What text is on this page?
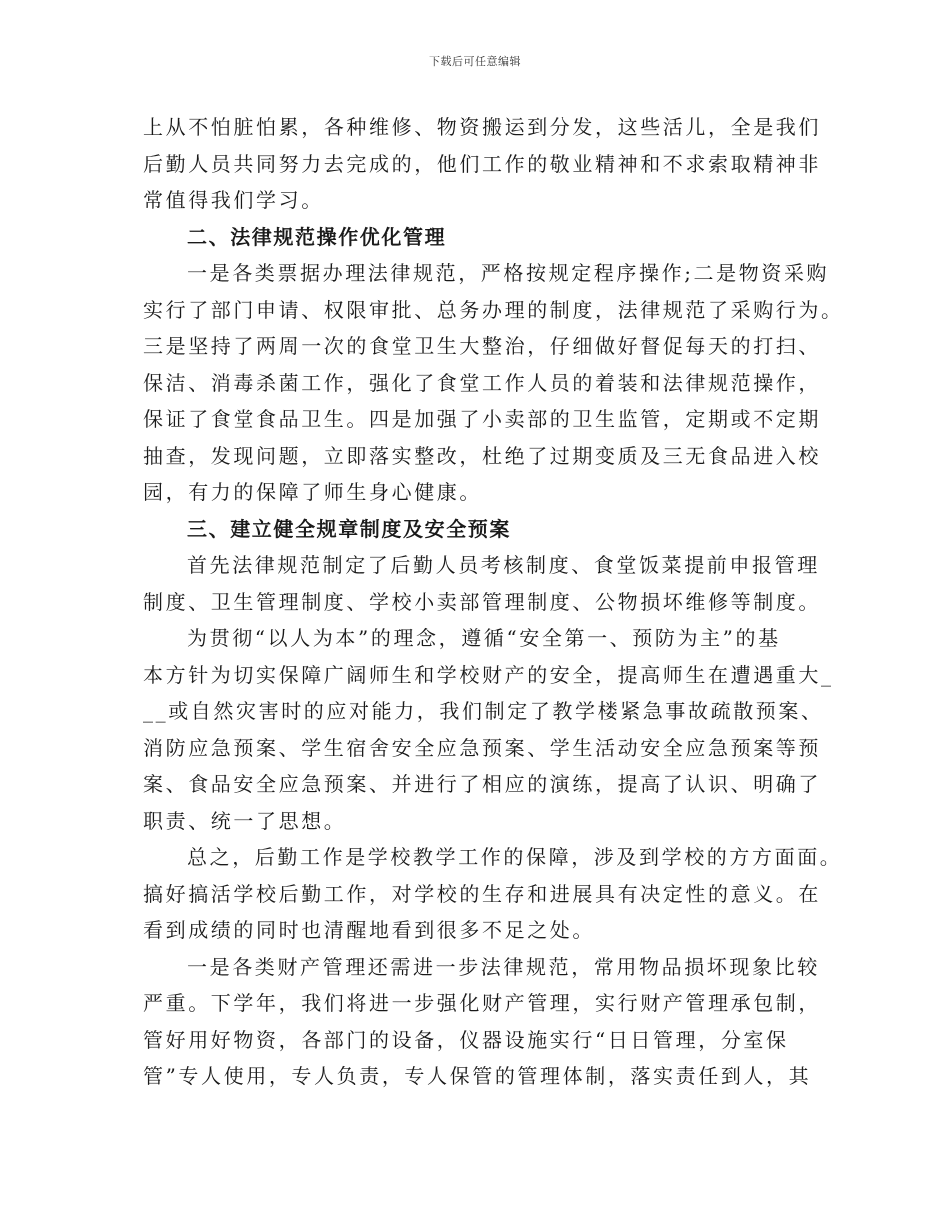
下载后可任意编辑
上从不怕脏怕累，各种维修、物资搬运到分发，这些活儿，全是我们
后勤人员共同努力去完成的，他们工作的敬业精神和不求索取精神非
常值得我们学习。
二、法律规范操作优化管理
一是各类票据办理法律规范，严格按规定程序操作;二是物资采购
实行了部门申请、权限审批、总务办理的制度，法律规范了采购行为。
三是坚持了两周一次的食堂卫生大整治，仔细做好督促每天的打扫、
保洁、消毒杀菌工作，强化了食堂工作人员的着装和法律规范操作，
保证了食堂食品卫生。四是加强了小卖部的卫生监管，定期或不定期
抽查，发现问题，立即落实整改，杜绝了过期变质及三无食品进入校
园，有力的保障了师生身心健康。
三、建立健全规章制度及安全预案
首先法律规范制定了后勤人员考核制度、食堂饭菜提前申报管理
制度、卫生管理制度、学校小卖部管理制度、公物损坏维修等制度。
为贯彻“以人为本”的理念，遵循“安全第一、预防为主”的基
本方针为切实保障广阔师生和学校财产的安全，提高师生在遭遇重大_
__或自然灾害时的应对能力，我们制定了教学楼紧急事故疏散预案、
消防应急预案、学生宿舍安全应急预案、学生活动安全应急预案等预
案、食品安全应急预案、并进行了相应的演练，提高了认识、明确了
职责、统一了思想。
总之，后勤工作是学校教学工作的保障，涉及到学校的方方面面。
搞好搞活学校后勤工作，对学校的生存和进展具有决定性的意义。在
看到成绩的同时也清醒地看到很多不足之处。
一是各类财产管理还需进一步法律规范，常用物品损坏现象比较
严重。下学年，我们将进一步强化财产管理，实行财产管理承包制，
管好用好物资，各部门的设备，仪器设施实行“日日管理，分室保
管”专人使用，专人负责，专人保管的管理体制，落实责任到人，其
